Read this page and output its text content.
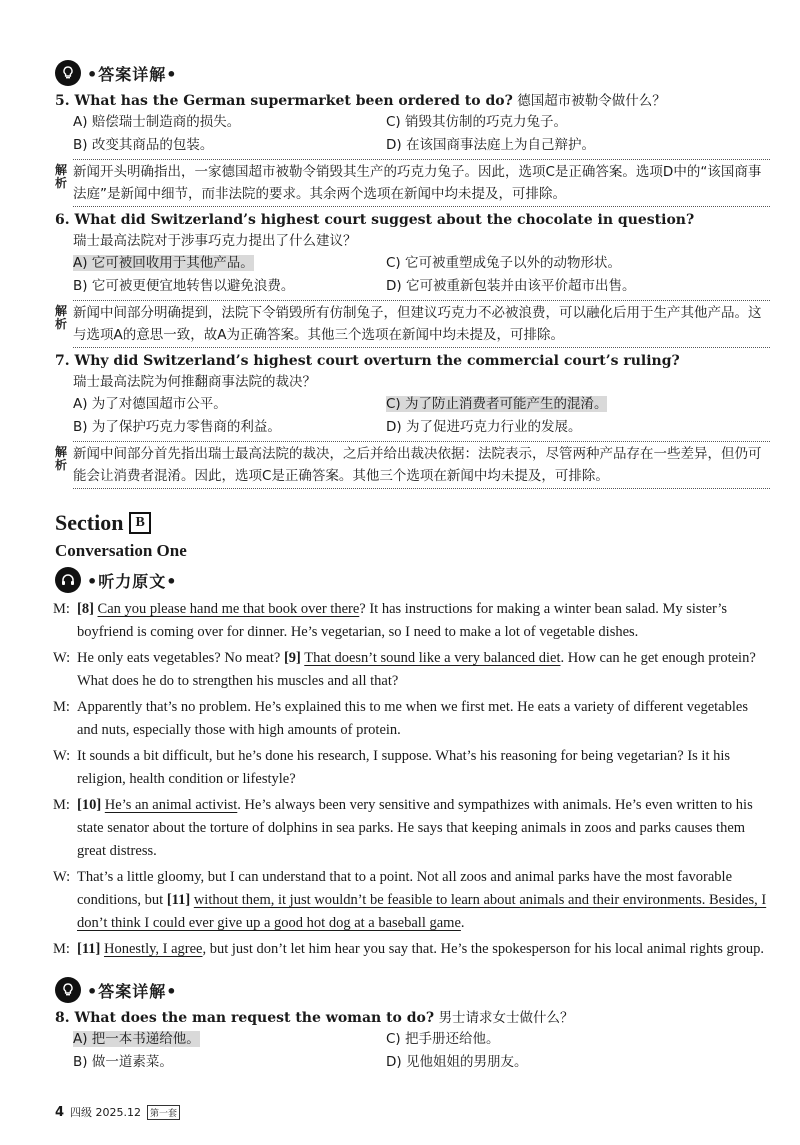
•答案详解•
5. What has the German supermarket been ordered to do? 德国超市被勒令做什么？
A) 赔偿瑞士制造商的损失。	C) 销毁其仿制的巧克力兔子。
B) 改变其商品的包装。	D) 在该国商事法庭上为自己辩护。
解析
新闻开头明确指出，一家德国超市被勒令销毁其生产的巧克力兔子。因此，选项C是正确答案。选项D中的“该国商事法庭”是新闻中细节，而非法院的要求。其余两个选项在新闻中均未提及，可排除。
6. What did Switzerland’s highest court suggest about the chocolate in question?
瑞士最高法院对于涉事巧克力提出了什么建议？
A) 它可被回收用于其他产品。	C) 它可被重塑成兔子以外的动物形状。
B) 它可被更便宜地转售以避免浪费。	D) 它可被重新包装并由该平价超市出售。
解析
新闻中间部分明确提到，法院下令销毁所有仿制兔子，但建议巧克力不必被浪费，可以融化后用于生产其他产品。这与选项A的意思一致，故A为正确答案。其他三个选项在新闻中均未提及，可排除。
7. Why did Switzerland’s highest court overturn the commercial court’s ruling?
瑞士最高法院为何推翻商事法院的裁决？
A) 为了对德国超市公平。	C) 为了防止消费者可能产生的混淆。
B) 为了保护巧克力零售商的利益。	D) 为了促进巧克力行业的发展。
解析
新闻中间部分首先指出瑞士最高法院的裁决，之后并给出裁决依据：法院表示，尽管两种产品存在一些差异，但仍可能会让消费者混淆。因此，选项C是正确答案。其他三个选项在新闻中均未提及，可排除。
Section B
Conversation One
•听力原文•
M: [8] Can you please hand me that book over there? It has instructions for making a winter bean salad. My sister’s boyfriend is coming over for dinner. He’s vegetarian, so I need to make a lot of vegetable dishes.
W: He only eats vegetables? No meat? [9] That doesn’t sound like a very balanced diet. How can he get enough protein? What does he do to strengthen his muscles and all that?
M: Apparently that’s no problem. He’s explained this to me when we first met. He eats a variety of different vegetables and nuts, especially those with high amounts of protein.
W: It sounds a bit difficult, but he’s done his research, I suppose. What’s his reasoning for being vegetarian? Is it his religion, health condition or lifestyle?
M: [10] He’s an animal activist. He’s always been very sensitive and sympathizes with animals. He’s even written to his state senator about the torture of dolphins in sea parks. He says that keeping animals in zoos and parks causes them great distress.
W: That’s a little gloomy, but I can understand that to a point. Not all zoos and animal parks have the most favorable conditions, but [11] without them, it just wouldn’t be feasible to learn about animals and their environments. Besides, I don’t think I could ever give up a good hot dog at a baseball game.
M: [11] Honestly, I agree, but just don’t let him hear you say that. He’s the spokesperson for his local animal rights group.
•答案详解•
8. What does the man request the woman to do? 男士请求女士做什么？
A) 把一本书递给他。	C) 把手册还给他。
B) 做一道素菜。	D) 见他姐姐的男朋友。
4 四级 2025.12	第一套
